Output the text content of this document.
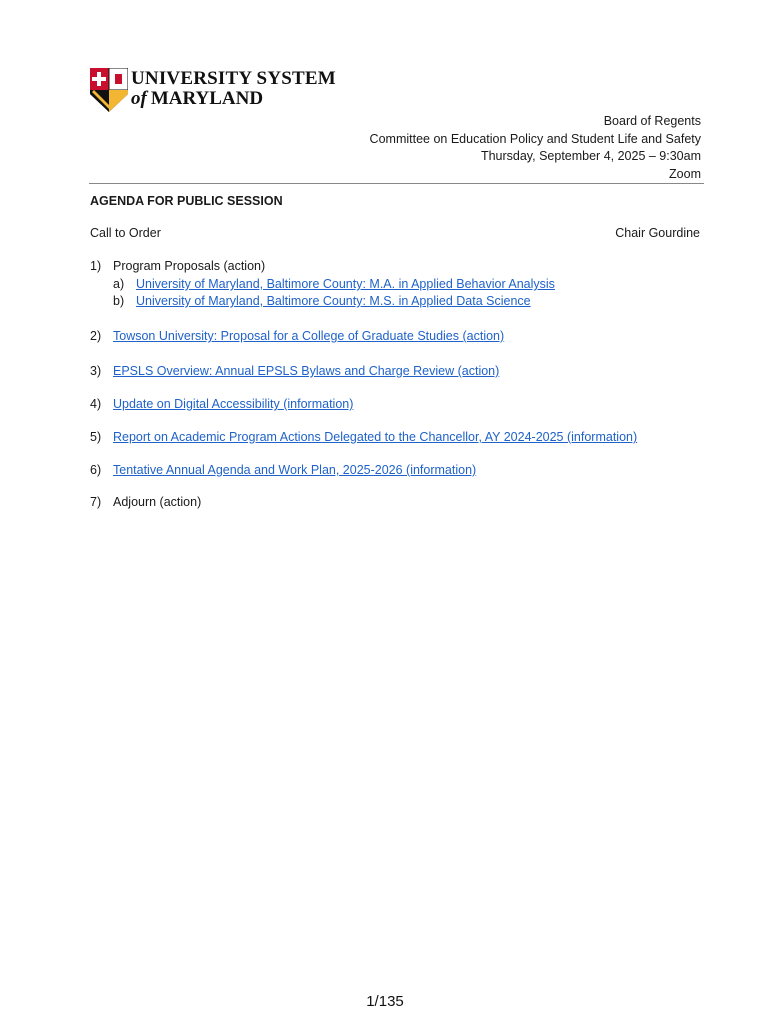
UNIVERSITY SYSTEM
of MARYLAND
Board of Regents
Committee on Education Policy and Student Life and Safety
Thursday, September 4, 2025 – 9:30am
Zoom
AGENDA FOR PUBLIC SESSION
Call to Order	Chair Gourdine
1) Program Proposals (action)
a) University of Maryland, Baltimore County: M.A. in Applied Behavior Analysis
b) University of Maryland, Baltimore County: M.S. in Applied Data Science
2) Towson University: Proposal for a College of Graduate Studies (action)
3) EPSLS Overview: Annual EPSLS Bylaws and Charge Review (action)
4) Update on Digital Accessibility (information)
5) Report on Academic Program Actions Delegated to the Chancellor, AY 2024-2025 (information)
6) Tentative Annual Agenda and Work Plan, 2025-2026 (information)
7) Adjourn (action)
1/135
